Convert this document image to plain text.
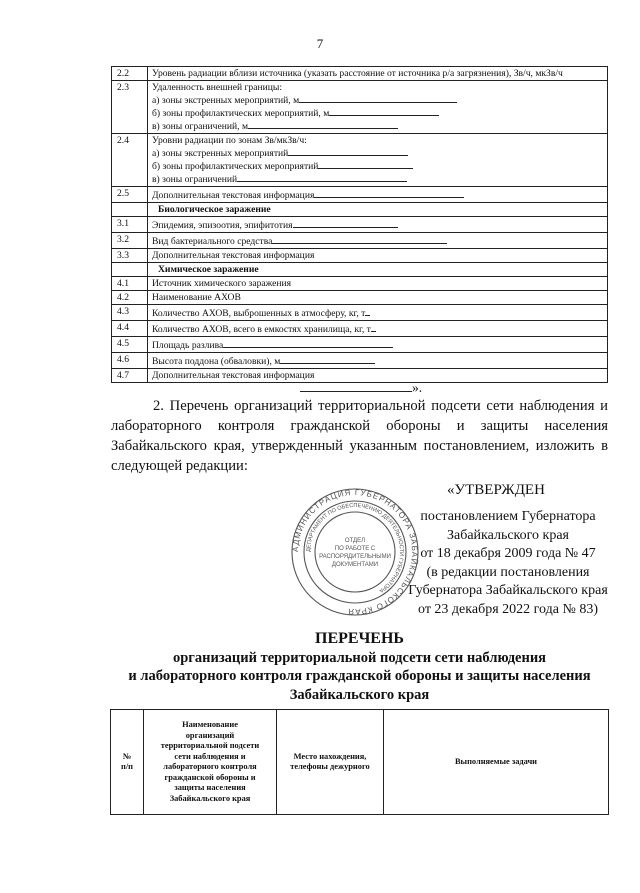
7
2.2	Уровень радиации вблизи источника (указать расстояние от источника р/а загрязнения), Зв/ч, мкЗв/ч

2.3	Удаленность внешней границы:
а) зоны экстренных мероприятий, м
б) зоны профилактических мероприятий, м
в) зоны ограничений, м

2.4	Уровни радиации по зонам Зв/мкЗв/ч:
а) зоны экстренных мероприятий
б) зоны профилактических мероприятий
в) зоны ограничений

2.5	Дополнительная текстовая информация

	Биологическое заражение
3.1	Эпидемия, эпизоотия, эпифитотия

3.2	Вид бактериального средства

3.3	Дополнительная текстовая информация

	Химическое заражение
4.1	Источник химического заражения

4.2	Наименование АХОВ

4.3	Количество АХОВ, выброшенных в атмосферу, кг, т

4.4	Количество АХОВ, всего в емкостях хранилища, кг, т

4.5	Площадь разлива

4.6	Высота поддона (обваловки), м

4.7	Дополнительная текстовая информация
».

2. Перечень организаций территориальной подсети сети наблюдения и лабораторного контроля гражданской обороны и защиты населения Забайкальского края, утвержденный указанным постановлением, изложить в следующей редакции:

«УТВЕРЖДЕН
постановлением Губернатора
Забайкальского края
от 18 декабря 2009 года № 47
(в редакции постановления
Губернатора Забайкальского края
от 23 декабря 2022 года № 83)
АДМИНИСТРАЦИЯ ГУБЕРНАТОРА ЗАБАЙКАЛЬСКОГО КРАЯ
ДЕПАРТАМЕНТ ПО ОБЕСПЕЧЕНИЮ ДЕЯТЕЛЬНОСТИ ГУБЕРНАТОРА
ОТДЕЛ
ПО РАБОТЕ С
РАСПОРЯДИТЕЛЬНЫМИ
ДОКУМЕНТАМИ
ПЕРЕЧЕНЬ
организаций территориальной подсети сети наблюдения
и лабораторного контроля гражданской обороны и защиты населения
Забайкальского края
№
п/п	Наименование
организаций
территориальной подсети
сети наблюдения и
лабораторного контроля
гражданской обороны и
защиты населения
Забайкальского края	Место нахождения,
телефоны дежурного	Выполняемые задачи
